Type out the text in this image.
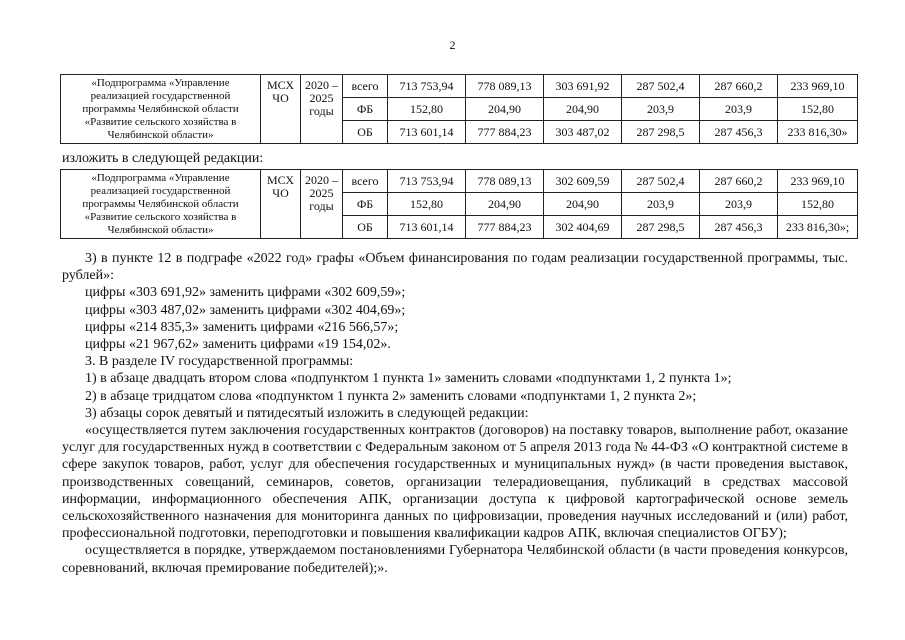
2
«Подпрограмма «Управление реализацией государственной программы Челябинской области «Развитие сельского хозяйства в Челябинской области»	МСХ ЧО	2020 – 2025 годы	всего	713 753,94	778 089,13	303 691,92	287 502,4	287 660,2	233 969,10
			ФБ	152,80	204,90	204,90	203,9	203,9	152,80
			ОБ	713 601,14	777 884,23	303 487,02	287 298,5	287 456,3	233 816,30»
изложить в следующей редакции:
«Подпрограмма «Управление реализацией государственной программы Челябинской области «Развитие сельского хозяйства в Челябинской области»	МСХ ЧО	2020 – 2025 годы	всего	713 753,94	778 089,13	302 609,59	287 502,4	287 660,2	233 969,10
			ФБ	152,80	204,90	204,90	203,9	203,9	152,80
			ОБ	713 601,14	777 884,23	302 404,69	287 298,5	287 456,3	233 816,30»;

3) в пункте 12 в подграфе «2022 год» графы «Объем финансирования по годам реализации государственной программы, тыс. рублей»:

цифры «303 691,92» заменить цифрами «302 609,59»;

цифры «303 487,02» заменить цифрами «302 404,69»;

цифры «214 835,3» заменить цифрами «216 566,57»;

цифры «21 967,62» заменить цифрами «19 154,02».

3. В разделе IV государственной программы:

1) в абзаце двадцать втором слова «подпунктом 1 пункта 1» заменить словами «подпунктами 1, 2 пункта 1»;

2) в абзаце тридцатом слова «подпунктом 1 пункта 2» заменить словами «подпунктами 1, 2 пункта 2»;

3) абзацы сорок девятый и пятидесятый изложить в следующей редакции:

«осуществляется путем заключения государственных контрактов (договоров) на поставку товаров, выполнение работ, оказание услуг для государственных нужд в соответствии с Федеральным законом от 5 апреля 2013 года № 44-ФЗ «О контрактной системе в сфере закупок товаров, работ, услуг для обеспечения государственных и муниципальных нужд» (в части проведения выставок, производственных совещаний, семинаров, советов, организации телерадиовещания, публикаций в средствах массовой информации, информационного обеспечения АПК, организации доступа к цифровой картографической основе земель сельскохозяйственного назначения для мониторинга данных по цифровизации, проведения научных исследований и (или) работ, профессиональной подготовки, переподготовки и повышения квалификации кадров АПК, включая специалистов ОГБУ);

осуществляется в порядке, утверждаемом постановлениями Губернатора Челябинской области (в части проведения конкурсов, соревнований, включая премирование победителей);».
